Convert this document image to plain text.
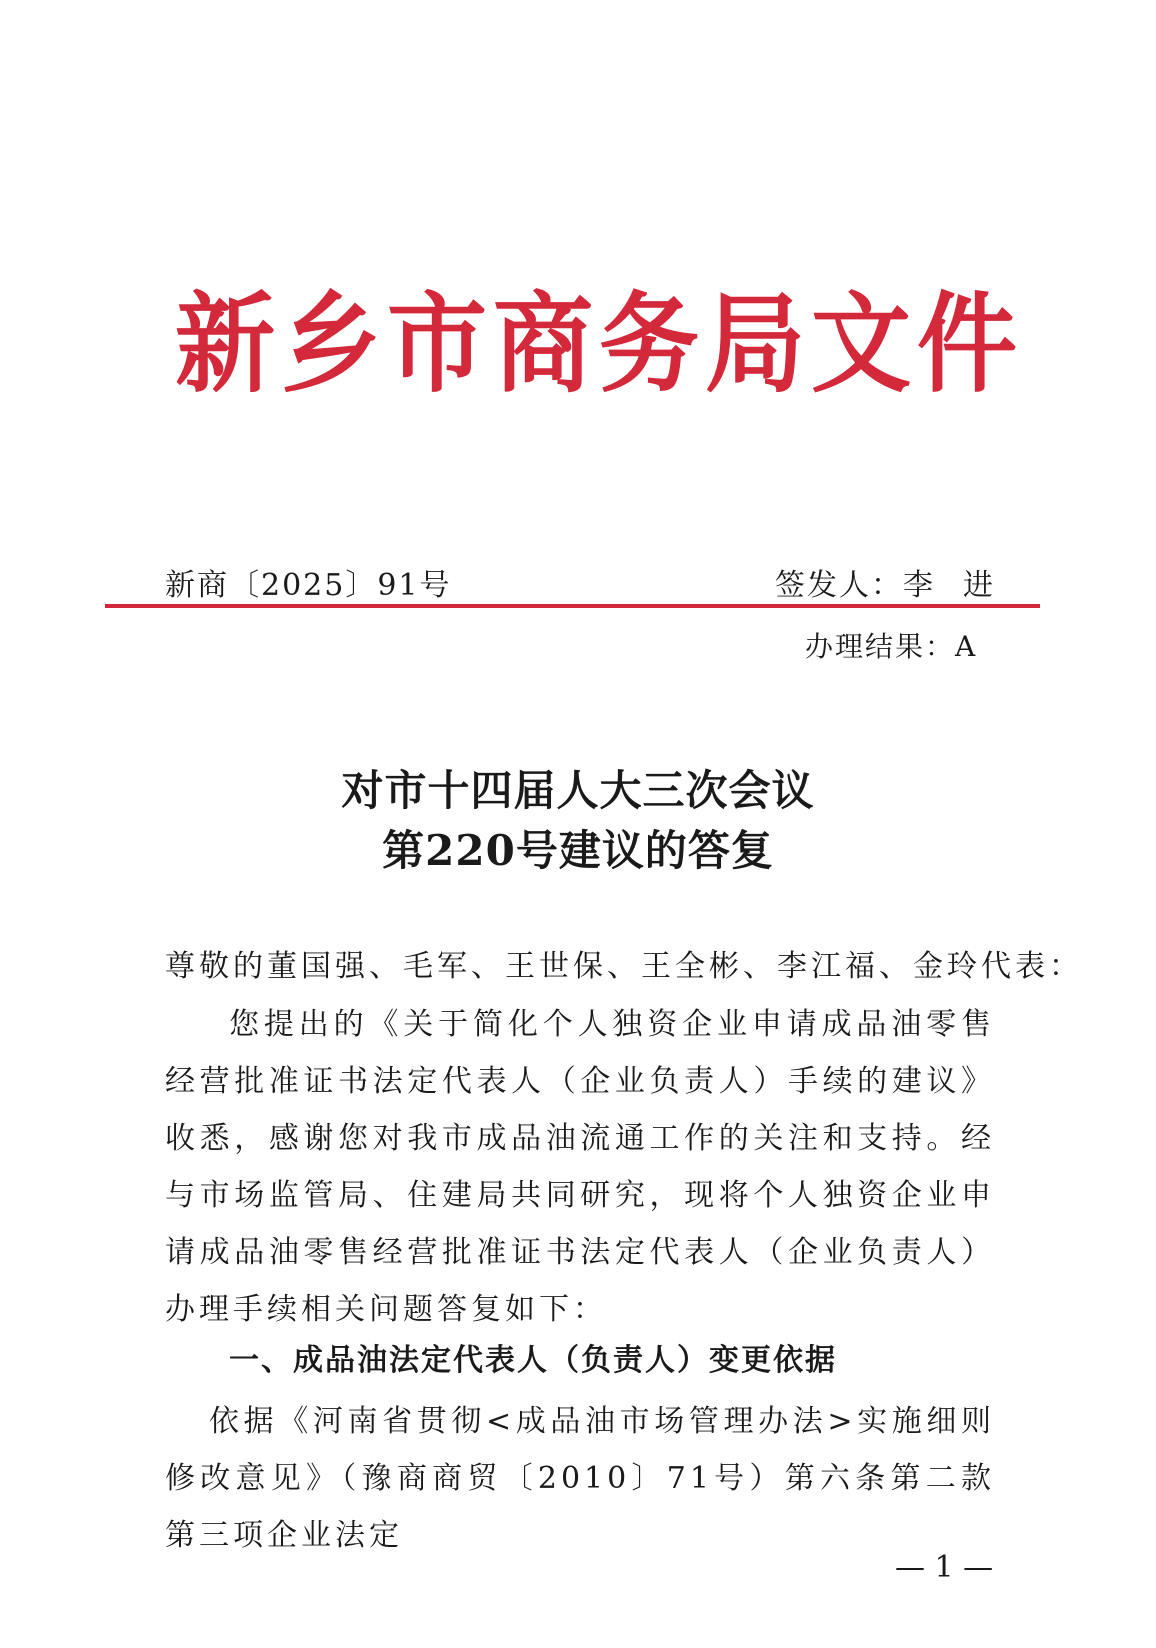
新乡市商务局文件
新商〔2025〕91号	签发人：李 进
办理结果：A
对市十四届人大三次会议
第220号建议的答复
尊敬的董国强、毛军、王世保、王全彬、李江福、金玲代表：
您提出的《关于简化个人独资企业申请成品油零售经营批准证书法定代表人（企业负责人）手续的建议》收悉，感谢您对我市成品油流通工作的关注和支持。经与市场监管局、住建局共同研究，现将个人独资企业申请成品油零售经营批准证书法定代表人（企业负责人）办理手续相关问题答复如下：
一、成品油法定代表人（负责人）变更依据
依据《河南省贯彻<成品油市场管理办法>实施细则修改意见》（豫商商贸〔2010〕71号）第六条第二款第三项企业法定
— 1 —
